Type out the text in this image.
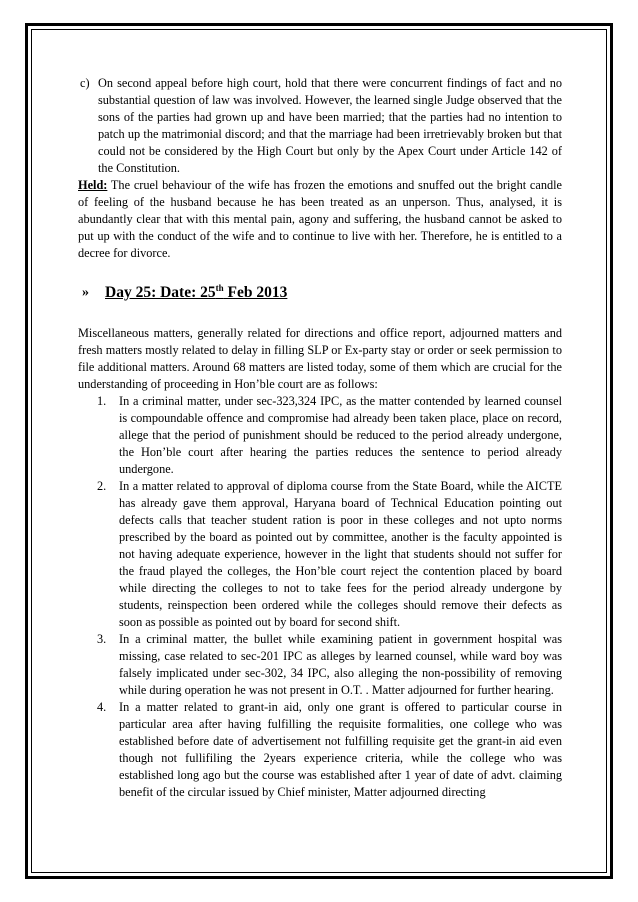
c) On second appeal before high court, hold that there were concurrent findings of fact and no substantial question of law was involved. However, the learned single Judge observed that the sons of the parties had grown up and have been married; that the parties had no intention to patch up the matrimonial discord; and that the marriage had been irretrievably broken but that could not be considered by the High Court but only by the Apex Court under Article 142 of the Constitution.

Held: The cruel behaviour of the wife has frozen the emotions and snuffed out the bright candle of feeling of the husband because he has been treated as an unperson. Thus, analysed, it is abundantly clear that with this mental pain, agony and suffering, the husband cannot be asked to put up with the conduct of the wife and to continue to live with her. Therefore, he is entitled to a decree for divorce.

» Day 25: Date: 25th Feb 2013

Miscellaneous matters, generally related for directions and office report, adjourned matters and fresh matters mostly related to delay in filling SLP or Ex-party stay or order or seek permission to file additional matters. Around 68 matters are listed today, some of them which are crucial for the understanding of proceeding in Hon’ble court are as follows:

1. In a criminal matter, under sec-323,324 IPC, as the matter contended by learned counsel is compoundable offence and compromise had already been taken place, place on record, allege that the period of punishment should be reduced to the period already undergone, the Hon’ble court after hearing the parties reduces the sentence to period already undergone.
2. In a matter related to approval of diploma course from the State Board, while the AICTE has already gave them approval, Haryana board of Technical Education pointing out defects calls that teacher student ration is poor in these colleges and not upto norms prescribed by the board as pointed out by committee, another is the faculty appointed is not having adequate experience, however in the light that students should not suffer for the fraud played the colleges, the Hon’ble court reject the contention placed by board while directing the colleges to not to take fees for the period already undergone by students, reinspection been ordered while the colleges should remove their defects as soon as possible as pointed out by board for second shift.
3. In a criminal matter, the bullet while examining patient in government hospital was missing, case related to sec-201 IPC as alleges by learned counsel, while ward boy was falsely implicated under sec-302, 34 IPC, also alleging the non-possibility of removing while during operation he was not present in O.T. . Matter adjourned for further hearing.
4. In a matter related to grant-in aid, only one grant is offered to particular course in particular area after having fulfilling the requisite formalities, one college who was established before date of advertisement not fulfilling requisite get the grant-in aid even though not fullifiling the 2years experience criteria, while the college who was established long ago but the course was established after 1 year of date of advt. claiming benefit of the circular issued by Chief minister, Matter adjourned directing
